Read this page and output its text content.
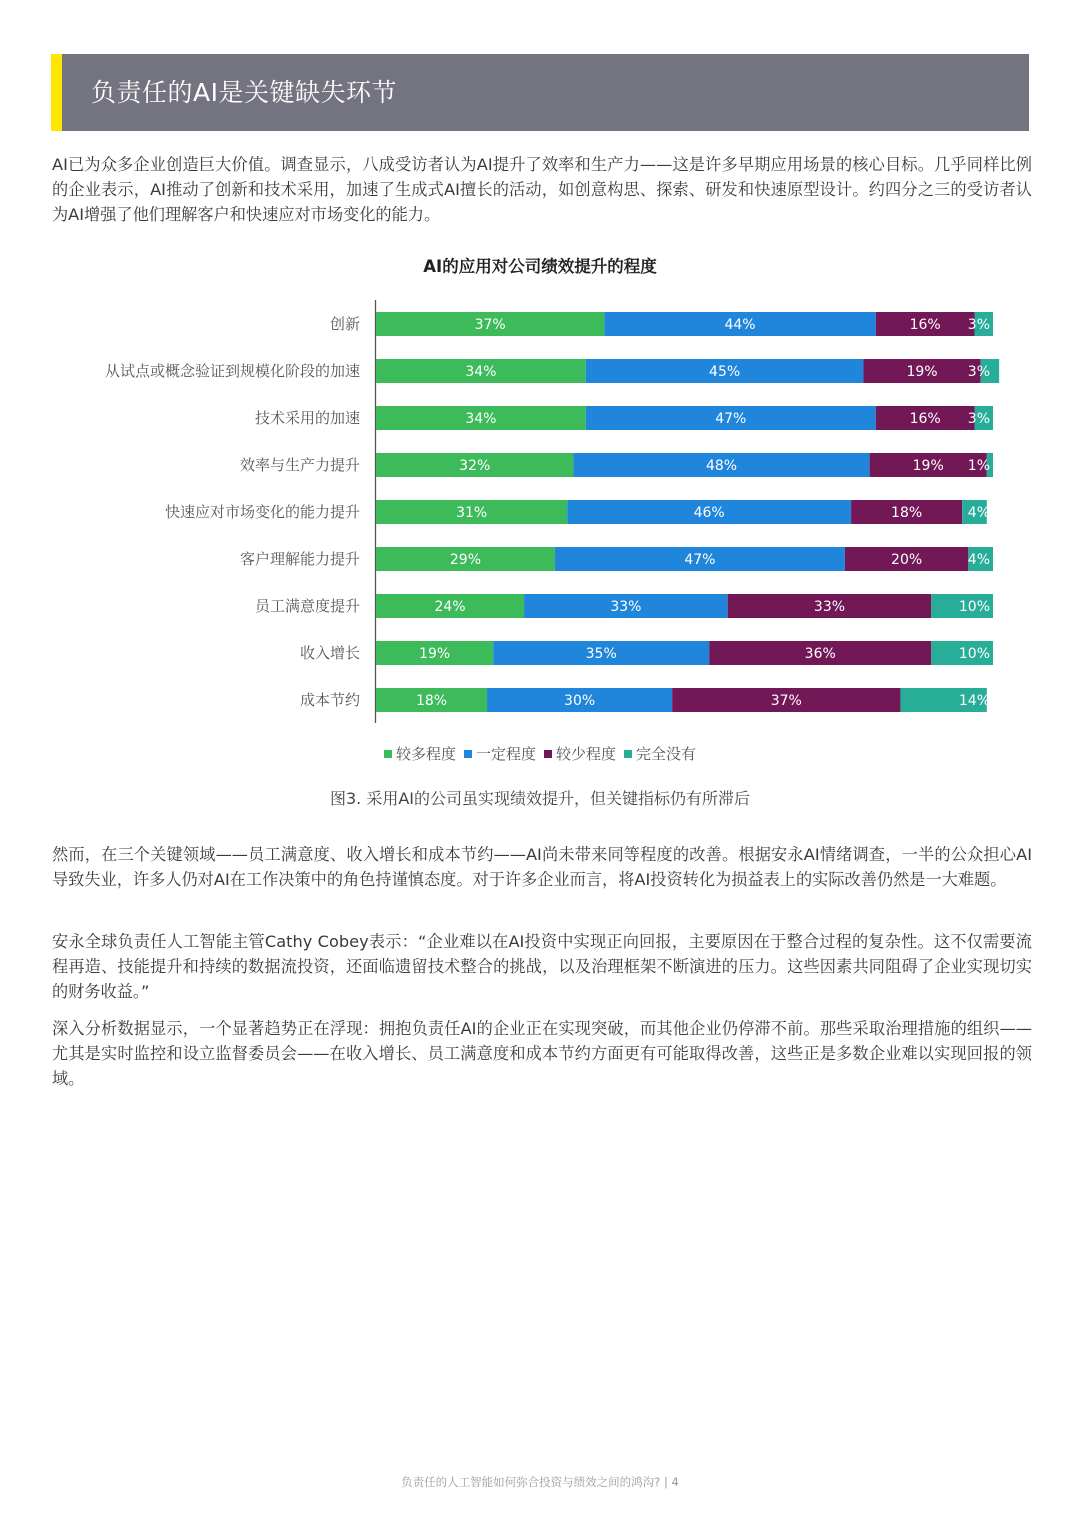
负责任的AI是关键缺失环节

AI已为众多企业创造巨大价值。调查显示，八成受访者认为AI提升了效率和生产力——这是许多早期应用场景的核心目标。几乎同样比例的企业表示，AI推动了创新和技术采用，加速了生成式AI擅长的活动，如创意构思、探索、研发和快速原型设计。约四分之三的受访者认为AI增强了他们理解客户和快速应对市场变化的能力。

AI的应用对公司绩效提升的程度
创新	37%	44%	16% 3%
从试点或概念验证到规模化阶段的加速	34%	45%	19% 3%
技术采用的加速	34%	47%	16% 3%
效率与生产力提升	32%	48%	19% 1%
快速应对市场变化的能力提升	31%	46%	18%	4%
客户理解能力提升	29%	47%	20%	4%
员工满意度提升	24%	33%	33%	10%
收入增长	19%	35%	36%	10%
成本节约	18%	30%	37%	14%
较多程度 一定程度 较少程度 完全没有
图3. 采用AI的公司虽实现绩效提升，但关键指标仍有所滞后

然而，在三个关键领域——员工满意度、收入增长和成本节约——AI尚未带来同等程度的改善。根据安永AI情绪调查，一半的公众担心AI导致失业，许多人仍对AI在工作决策中的角色持谨慎态度。对于许多企业而言，将AI投资转化为损益表上的实际改善仍然是一大难题。

安永全球负责任人工智能主管Cathy Cobey表示：“企业难以在AI投资中实现正向回报，主要原因在于整合过程的复杂性。这不仅需要流程再造、技能提升和持续的数据流投资，还面临遗留技术整合的挑战，以及治理框架不断演进的压力。这些因素共同阻碍了企业实现切实的财务收益。”

深入分析数据显示，一个显著趋势正在浮现：拥抱负责任AI的企业正在实现突破，而其他企业仍停滞不前。那些采取治理措施的组织——尤其是实时监控和设立监督委员会——在收入增长、员工满意度和成本节约方面更有可能取得改善，这些正是多数企业难以实现回报的领域。

负责任的人工智能如何弥合投资与绩效之间的鸿沟? | 4
